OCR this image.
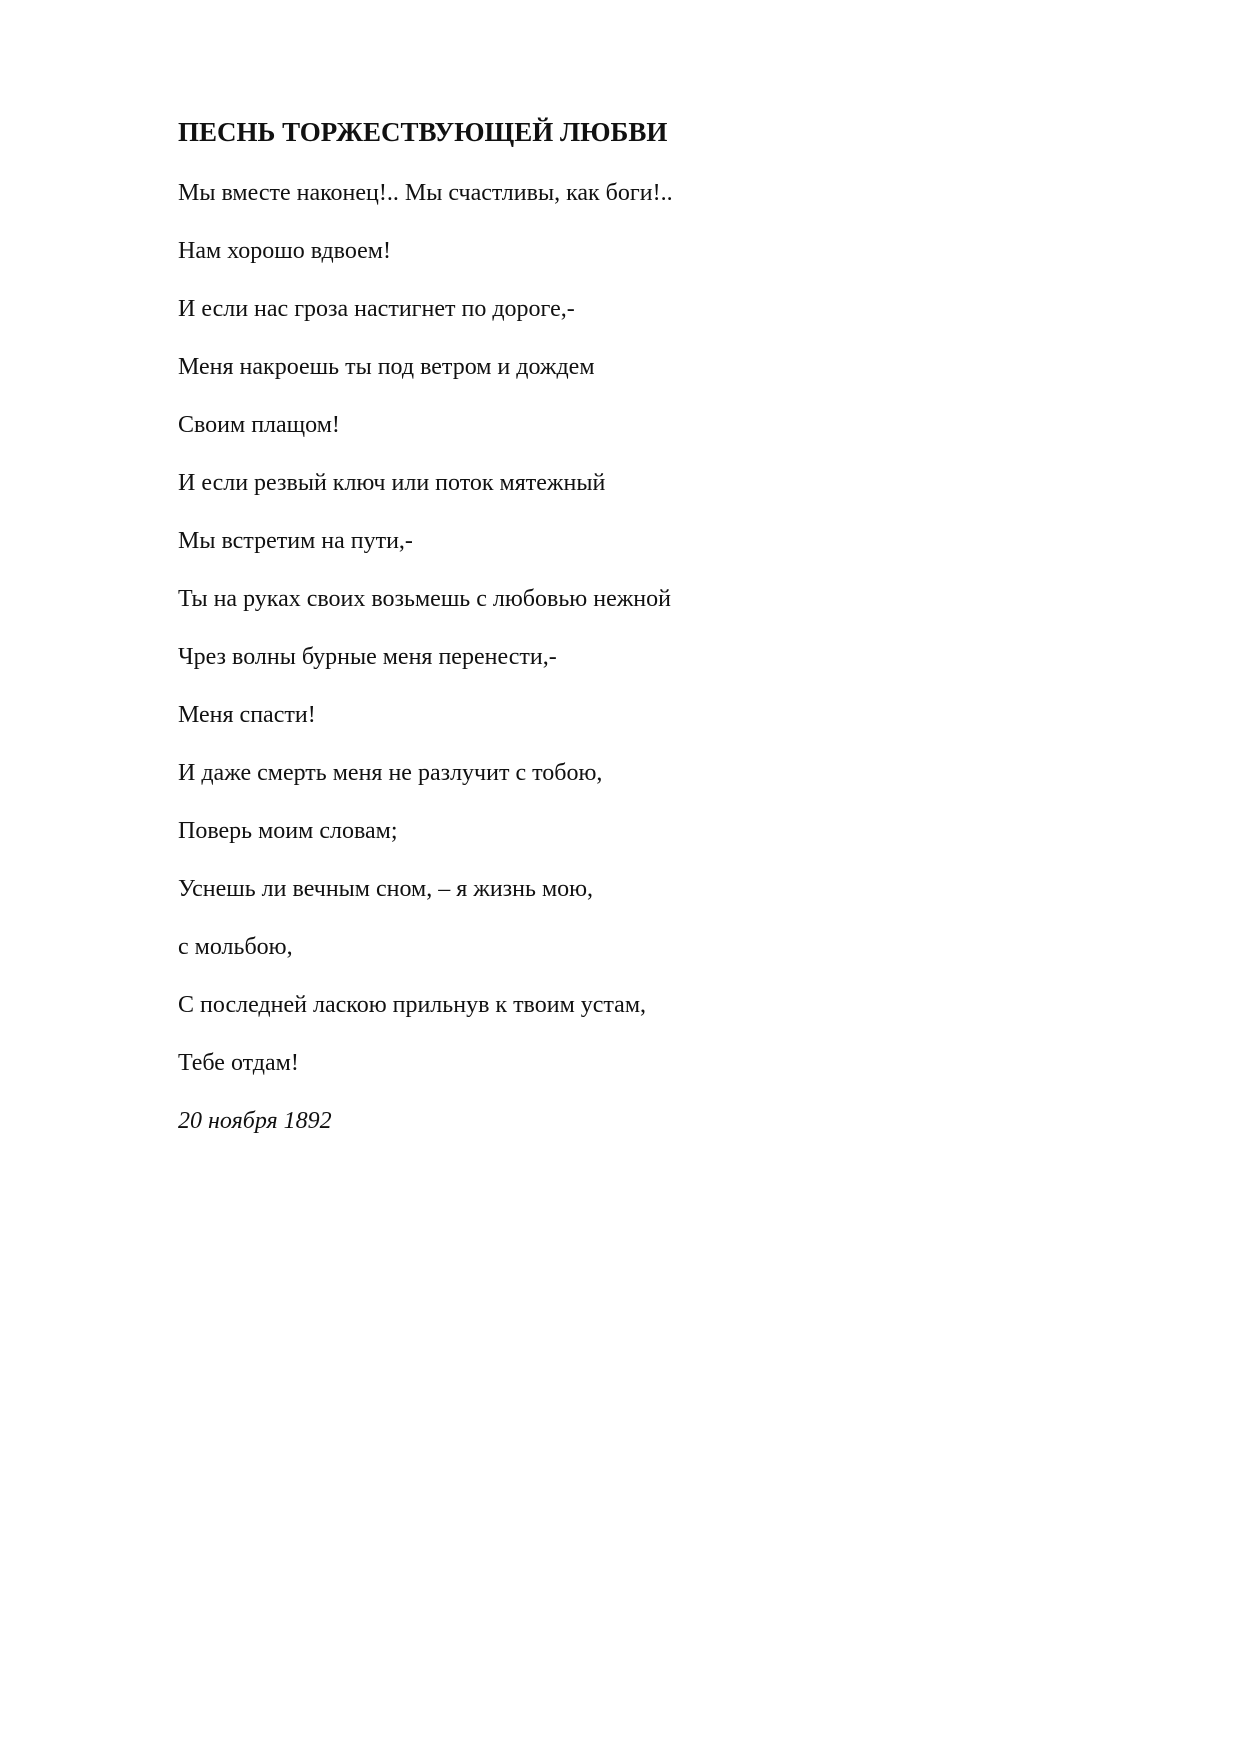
ПЕСНЬ ТОРЖЕСТВУЮЩЕЙ ЛЮБВИ
Мы вместе наконец!.. Мы счастливы, как боги!..
Нам хорошо вдвоем!
И если нас гроза настигнет по дороге,-
Меня накроешь ты под ветром и дождем
Своим плащом!
И если резвый ключ или поток мятежный
Мы встретим на пути,-
Ты на руках своих возьмешь с любовью нежной
Чрез волны бурные меня перенести,-
Меня спасти!
И даже смерть меня не разлучит с тобою,
Поверь моим словам;
Уснешь ли вечным сном, – я жизнь мою,
с мольбою,
С последней ласкою прильнув к твоим устам,
Тебе отдам!
20 ноября 1892
